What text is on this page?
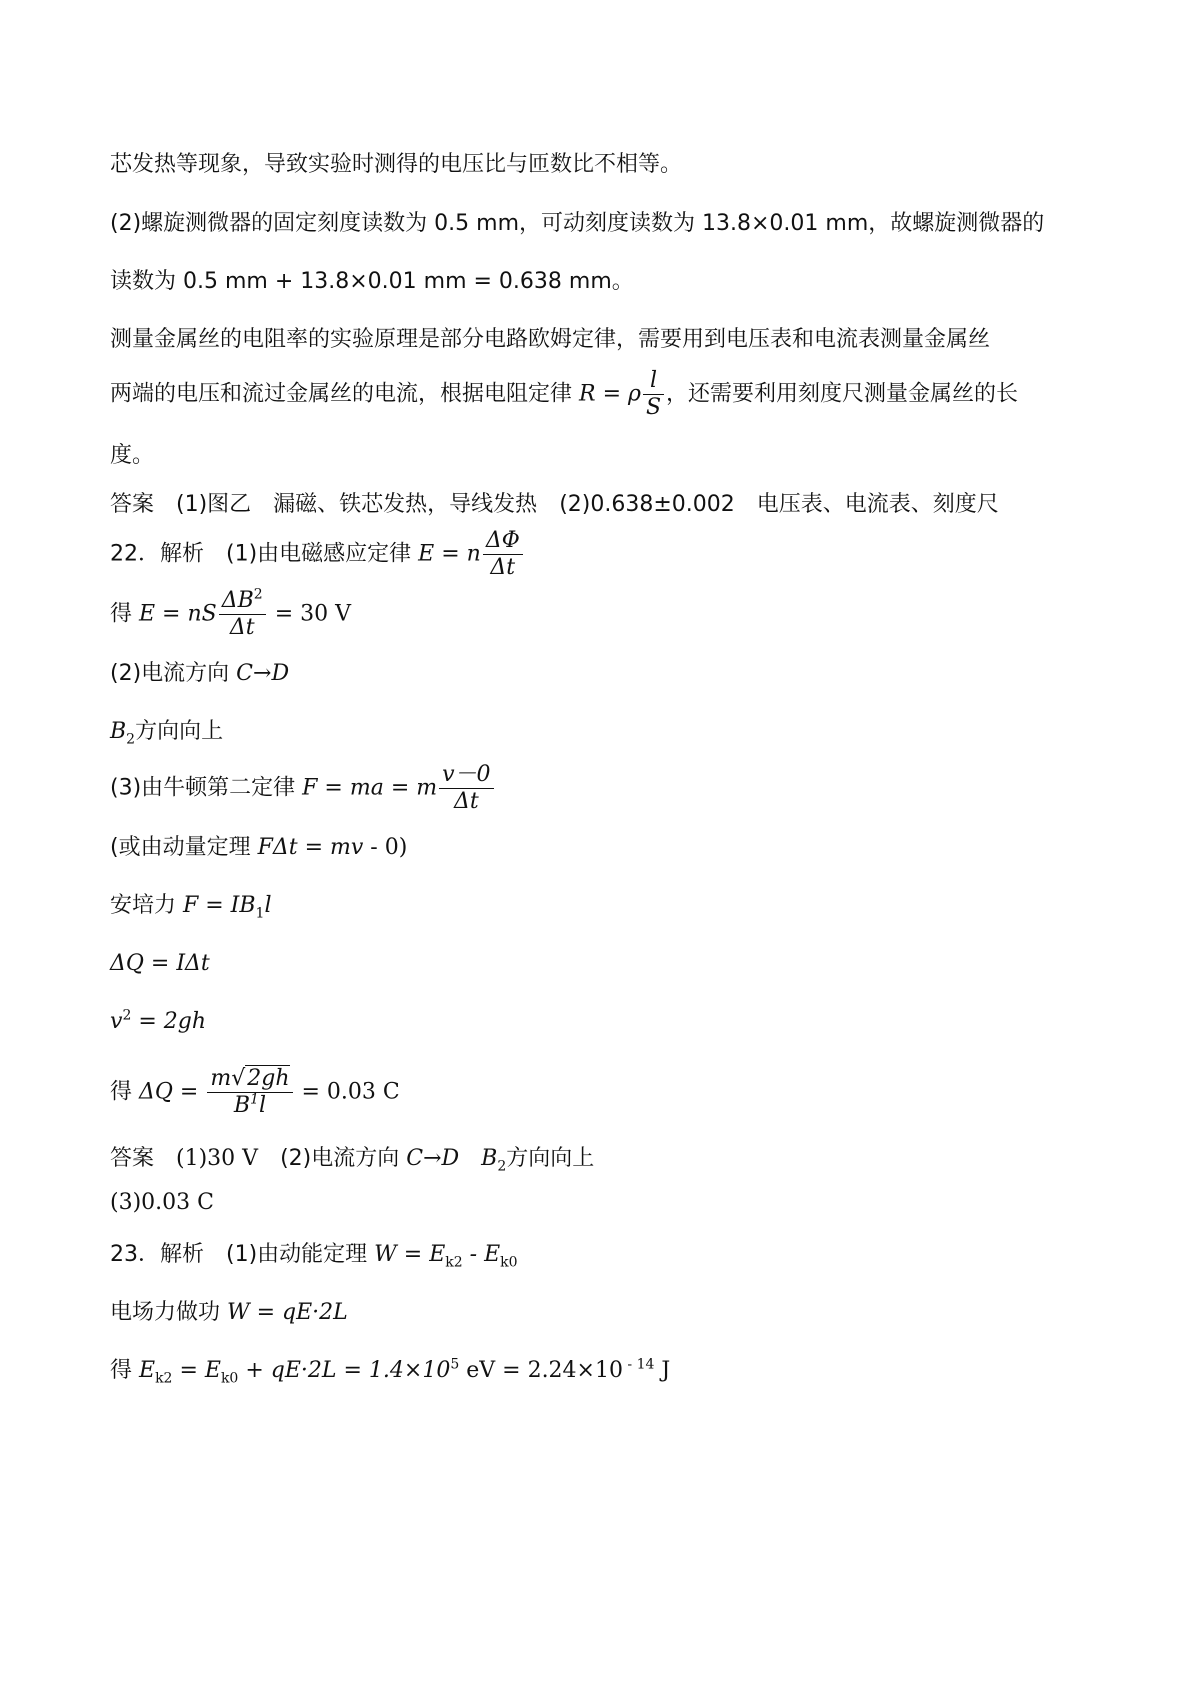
芯发热等现象，导致实验时测得的电压比与匝数比不相等。
(2)螺旋测微器的固定刻度读数为 0.5 mm，可动刻度读数为 13.8×0.01 mm，故螺旋测微器的
读数为 0.5 mm + 13.8×0.01 mm = 0.638 mm。
测量金属丝的电阻率的实验原理是部分电路欧姆定律，需要用到电压表和电流表测量金属丝
两端的电压和流过金属丝的电流，根据电阻定律 R = ρ $\frac{l}{S}$ ，还需要利用刻度尺测量金属丝的长
度。
答案 (1)图乙　漏磁、铁芯发热，导线发热 (2)0.638±0.002　电压表、电流表、刻度尺
22．解析 (1)由电磁感应定律 E = n $\frac{\Delta\Phi}{\Delta t}$
得 E = nS $\frac{\Delta B^2}{\Delta t} = 30$ V
(2)电流方向 C→D
$B_2$方向向上
(3)由牛顿第二定律 F = ma = m $\frac{v-0}{\Delta t}$
(或由动量定理 FΔt = mv - 0)
安培力 $F = IB_1l$
ΔQ = IΔt
$v^2 = 2gh$
得 $\Delta Q = \frac{m√2gh}{B^1l} = 0.03$ C
答案 (1)30 V (2)电流方向 C→D $B_2$方向向上
(3)0.03 C
23．解析 (1)由动能定理 $W = E_{k2} - E_{k0}$
电场力做功 W = qE·2L
得 $E_{k2} = E_{k0} + qE\cdot 2L = 1.4\times 10^5$ eV = 2.24×10 $^{- 14}$ J
